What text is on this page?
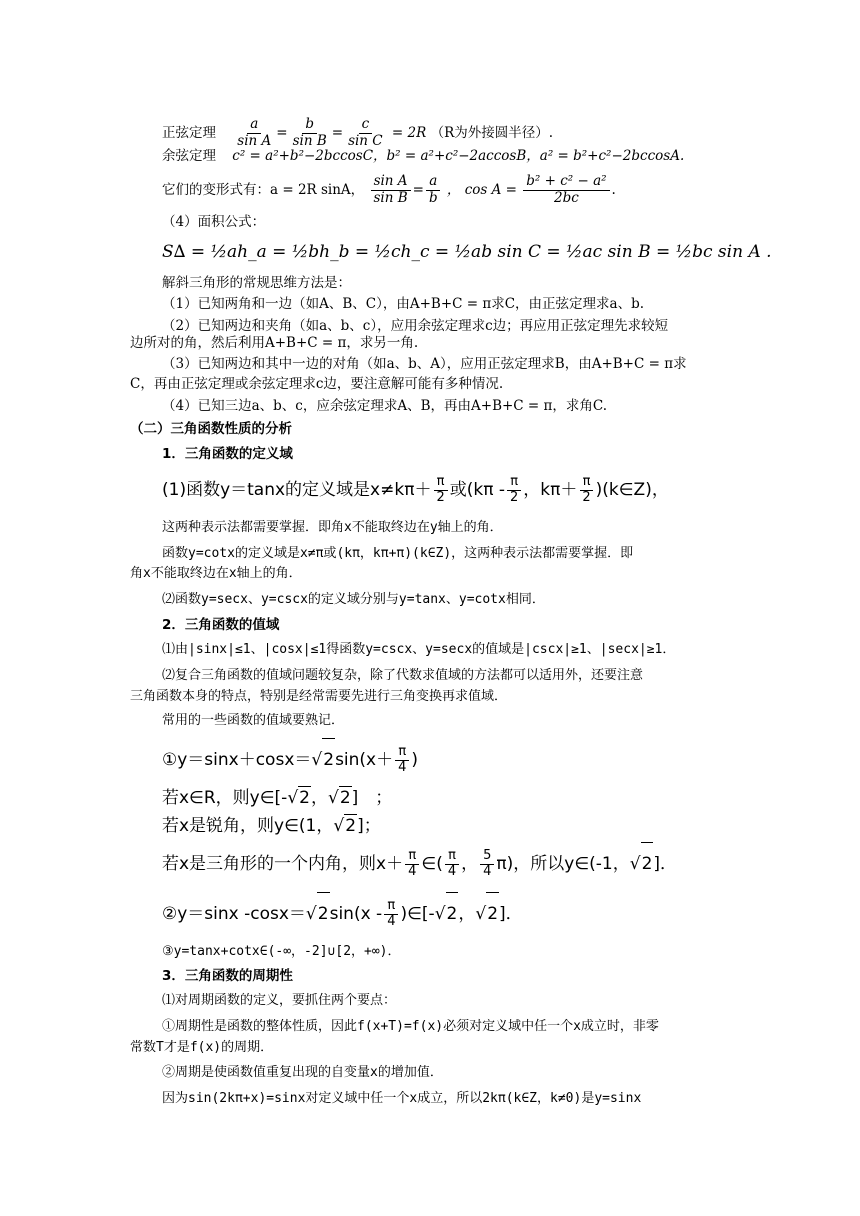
正弦定理 $\frac{a}{\text{sin A}} = \frac{b}{\text{sin B}} = \frac{c}{\text{sin C}} = 2R$ （R为外接圆半径）.
余弦定理 c² = a²+b²−2bccosC，b² = a²+c²−2accosB，a² = b²+c²−2bccosA.
它们的变形式有：a = 2R sinA， $\frac{\text{sin A}}{\text{sin B}} = \frac{a}{b}$ ， $\cos A = \frac{\text{b² + c² − a²}}{2bc}$ .
（4）面积公式：
S∆ = ½ah_a = ½bh_b = ½ch_c = ½ab sin C = ½ac sin B = ½bc sin A .
解斜三角形的常规思维方法是：
（1）已知两角和一边（如A、B、C），由A+B+C = π求C，由正弦定理求a、b.
（2）已知两边和夹角（如a、b、c），应用余弦定理求c边；再应用正弦定理先求较短
边所对的角，然后利用A+B+C = π，求另一角.
（3）已知两边和其中一边的对角（如a、b、A），应用正弦定理求B，由A+B+C = π求
C，再由正弦定理或余弦定理求c边，要注意解可能有多种情况.
（4）已知三边a、b、c，应余弦定理求A、B，再由A+B+C = π，求角C.
（二）三角函数性质的分析
1．三角函数的定义域
(1)函数y＝tanx的定义域是$x\ne k\pi+ \frac{\pi}{2}$ 或($k\pi - \frac{\pi}{2}$ ，$k\pi+ \frac{\pi}{2}$ )(k∈Z)，
这两种表示法都需要掌握．即角x不能取终边在y轴上的角．
函数y=cotx的定义域是x≠π或(kπ，kπ+π)(k∈Z)，这两种表示法都需要掌握．即
角x不能取终边在x轴上的角．
⑵函数y=secx、y=cscx的定义域分别与y=tanx、y=cotx相同．
2．三角函数的值域
⑴由|sinx|≤1、|cosx|≤1得函数y=cscx、y=secx的值域是|cscx|≥1、|secx|≥1．
⑵复合三角函数的值域问题较复杂，除了代数求值域的方法都可以适用外，还要注意
三角函数本身的特点，特别是经常需要先进行三角变换再求值域．
常用的一些函数的值域要熟记．
①y＝sinx＋cosx＝√2sin(x＋ $\frac{\pi}{4}$ )
若x∈R，则y∈[-√2，√2]　；
若x是锐角，则y∈(1，√2]；
若x是三角形的一个内角，则$x+ \frac{\pi}{4}$ ∈( $\frac{\pi}{4}$ ， $\frac{5}{4} \pi$)，所以y∈(-1，√2]．
②y＝sinx $-\cos x=√2\sin(x - \frac{\pi}{4}$ )∈[-√2，√2]．
③y=tanx+cotx∈(-∞，-2]∪[2，+∞)．
3．三角函数的周期性
⑴对周期函数的定义，要抓住两个要点：
①周期性是函数的整体性质，因此f(x+T)=f(x)必须对定义域中任一个x成立时，非零
常数T才是f(x)的周期．
②周期是使函数值重复出现的自变量x的增加值．
因为sin(2kπ+x)=sinx对定义域中任一个x成立，所以2kπ(k∈Z，k≠0)是y=sinx
